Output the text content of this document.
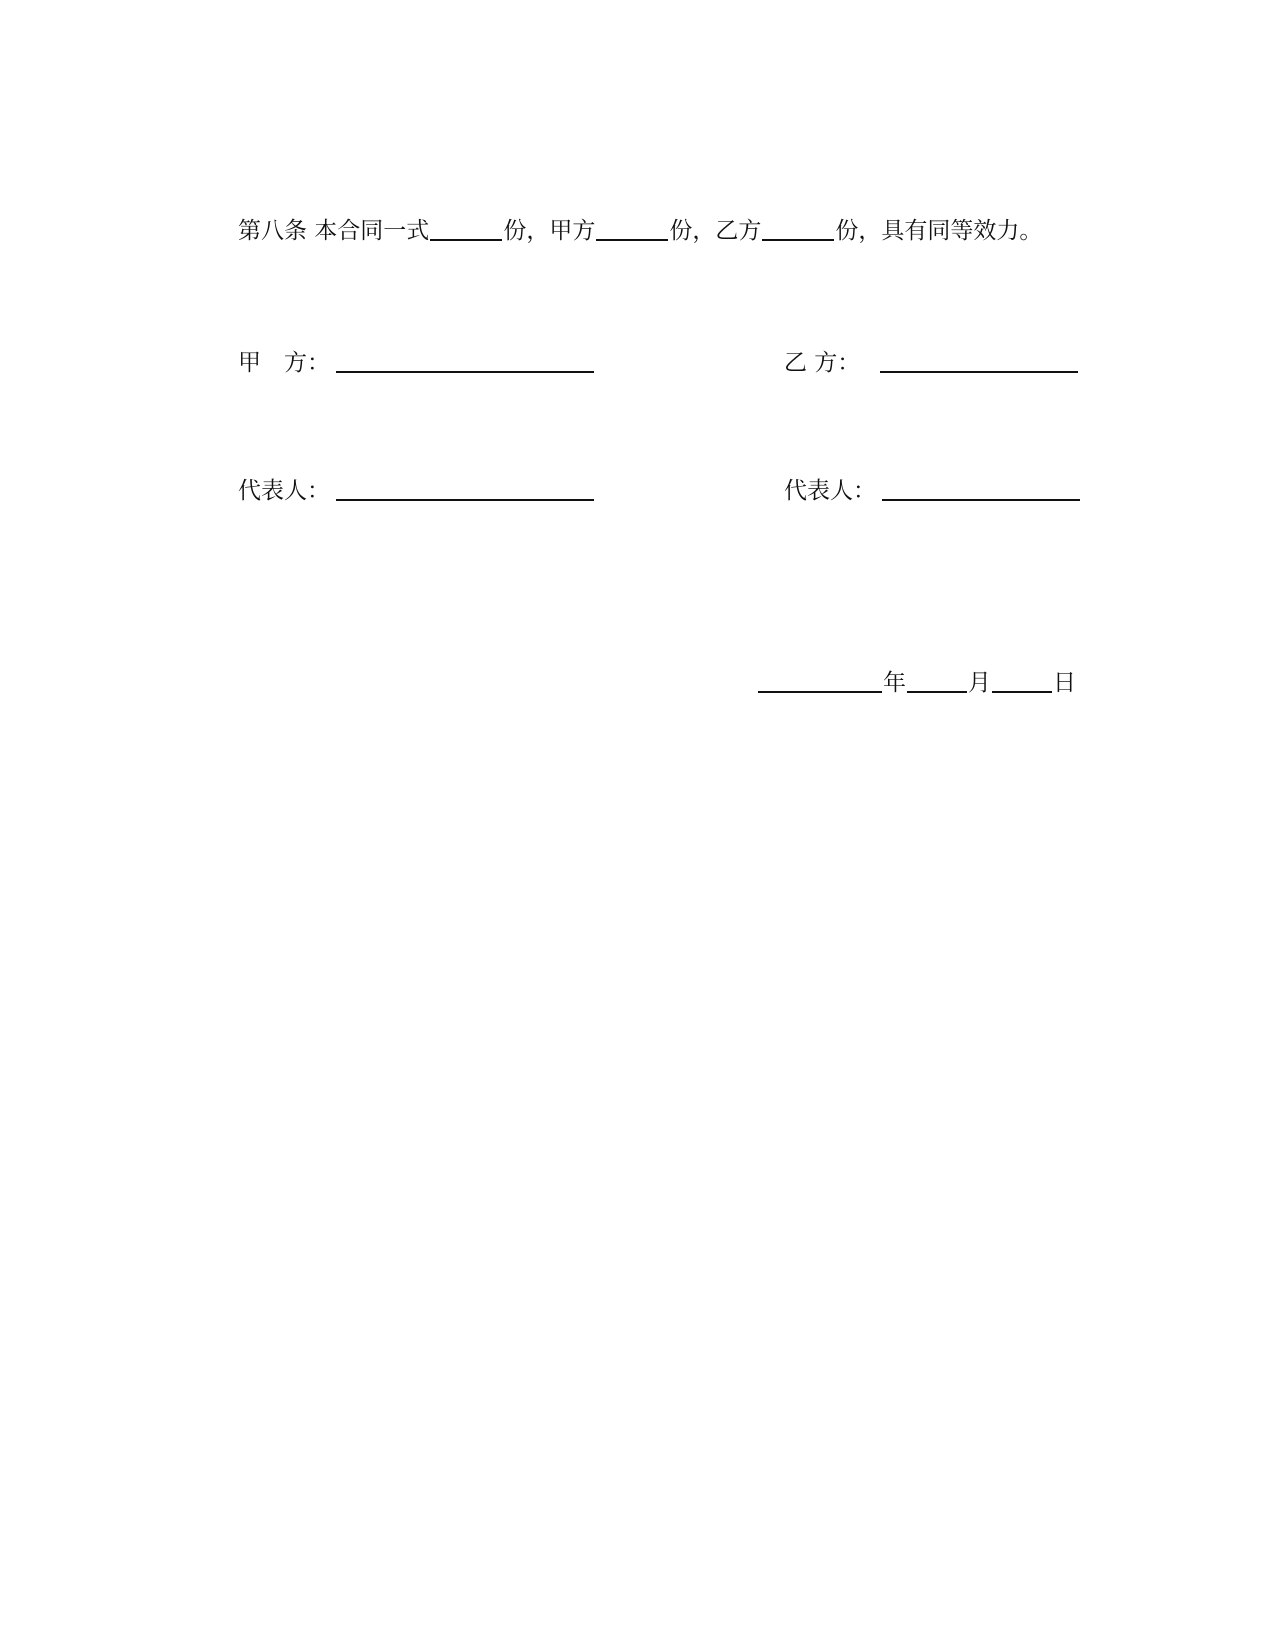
第八条 本合同一式	份，甲方	份，乙方	份，具有同等效力。
甲　方：	乙 方：
代表人：	代表人：
年	月	日
